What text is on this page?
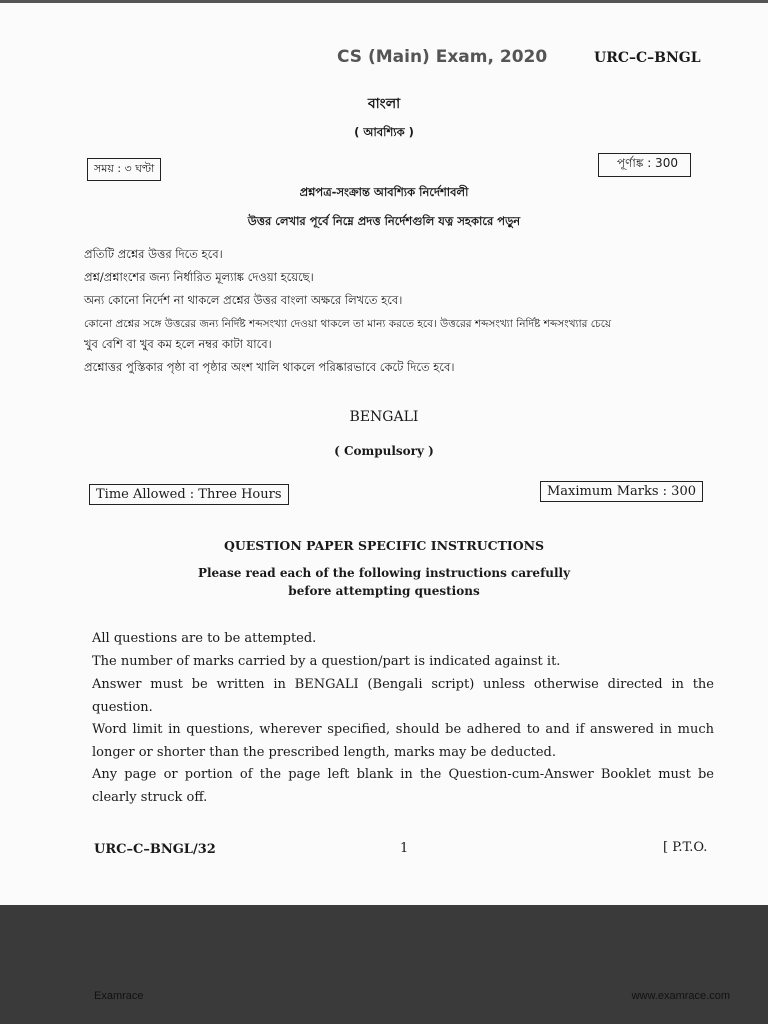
CS (Main) Exam, 2020	URC–C–BNGL
বাংলা
( আবশ্যিক )
সময় : ৩ ঘণ্টা	পূর্ণাঙ্ক : 300
প্রশ্নপত্র-সংক্রান্ত আবশ্যিক নির্দেশাবলী
উত্তর লেখার পূর্বে নিম্নে প্রদত্ত নির্দেশগুলি যত্ন সহকারে পড়ুন
প্রতিটি প্রশ্নের উত্তর দিতে হবে।
প্রশ্ন/প্রশ্নাংশের জন্য নির্ধারিত মূল্যাঙ্ক দেওয়া হয়েছে।
অন্য কোনো নির্দেশ না থাকলে প্রশ্নের উত্তর বাংলা অক্ষরে লিখতে হবে।
কোনো প্রশ্নের সঙ্গে উত্তরের জন্য নির্দিষ্ট শব্দসংখ্যা দেওয়া থাকলে তা মান্য করতে হবে। উত্তরের শব্দসংখ্যা নির্দিষ্ট শব্দসংখ্যার চেয়ে
খুব বেশি বা খুব কম হলে নম্বর কাটা যাবে।
প্রশ্নোত্তর পুস্তিকার পৃষ্ঠা বা পৃষ্ঠার অংশ খালি থাকলে পরিষ্কারভাবে কেটে দিতে হবে।
BENGALI
( Compulsory )
Time Allowed : Three Hours	Maximum Marks : 300
QUESTION PAPER SPECIFIC INSTRUCTIONS
Please read each of the following instructions carefully
before attempting questions
All questions are to be attempted.
The number of marks carried by a question/part is indicated against it.
Answer must be written in BENGALI (Bengali script) unless otherwise directed in the question.
Word limit in questions, wherever specified, should be adhered to and if answered in much longer or shorter than the prescribed length, marks may be deducted.
Any page or portion of the page left blank in the Question-cum-Answer Booklet must be clearly struck off.
URC–C–BNGL/32	1	[ P.T.O.
Examrace	www.examrace.com
